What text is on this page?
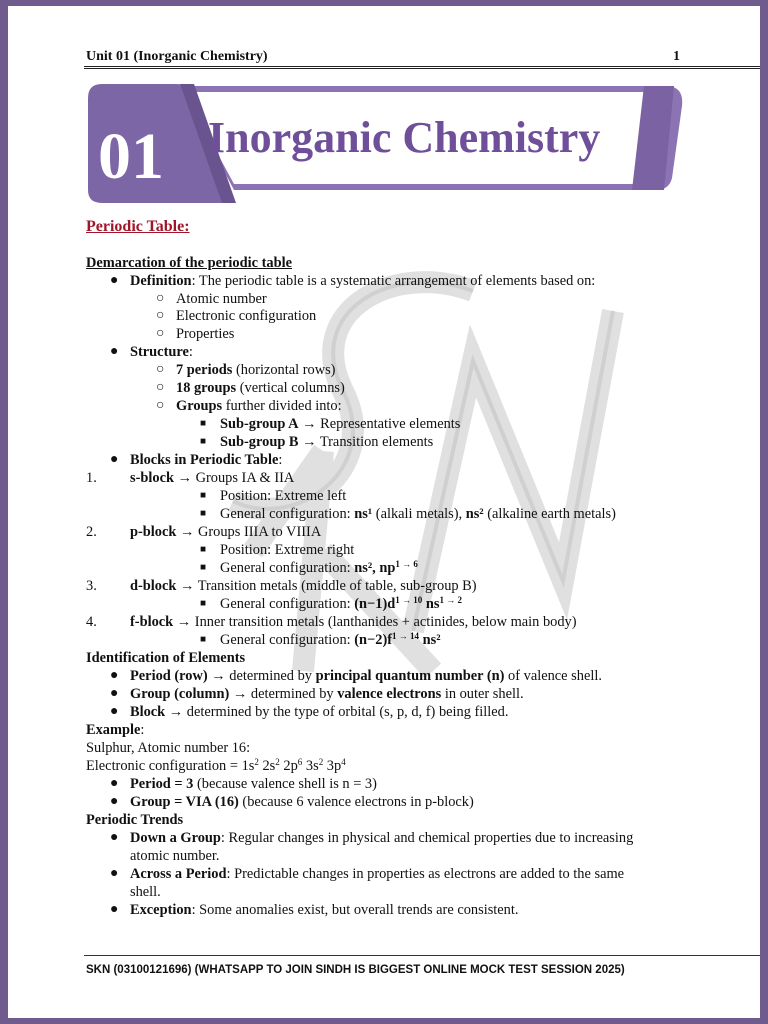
Unit 01 (Inorganic Chemistry)	1
01 Inorganic Chemistry
Periodic Table:
Demarcation of the periodic table
● Definition: The periodic table is a systematic arrangement of elements based on:
○ Atomic number
○ Electronic configuration
○ Properties
● Structure:
○ 7 periods (horizontal rows)
○ 18 groups (vertical columns)
○ Groups further divided into:
■ Sub-group A → Representative elements
■ Sub-group B → Transition elements
● Blocks in Periodic Table:
1. s-block → Groups IA & IIA
■ Position: Extreme left
■ General configuration: ns¹ (alkali metals), ns² (alkaline earth metals)
2. p-block → Groups IIIA to VIIIA
■ Position: Extreme right
■ General configuration: ns², $np^{1 \to 6}$
3. d-block → Transition metals (middle of table, sub-group B)
■ General configuration: $(n-1)d^{1 \to 10}$ $ns^{1 \to 2}$
4. f-block → Inner transition metals (lanthanides + actinides, below main body)
■ General configuration: $(n-2)f^{1 \to 14}$ ns²
Identification of Elements
● Period (row) → determined by principal quantum number (n) of valence shell.
● Group (column) → determined by valence electrons in outer shell.
● Block → determined by the type of orbital (s, p, d, f) being filled.
Example:
Sulphur, Atomic number 16:
Electronic configuration = $1s^2$ $2s^2$ $2p^6$ $3s^2$ $3p^4$
● Period = 3 (because valence shell is n = 3)
● Group = VIA (16) (because 6 valence electrons in p-block)
Periodic Trends
● Down a Group: Regular changes in physical and chemical properties due to increasing
atomic number.
● Across a Period: Predictable changes in properties as electrons are added to the same
shell.
● Exception: Some anomalies exist, but overall trends are consistent.
SKN (03100121696) (WHATSAPP TO JOIN SINDH IS BIGGEST ONLINE MOCK TEST SESSION 2025)
